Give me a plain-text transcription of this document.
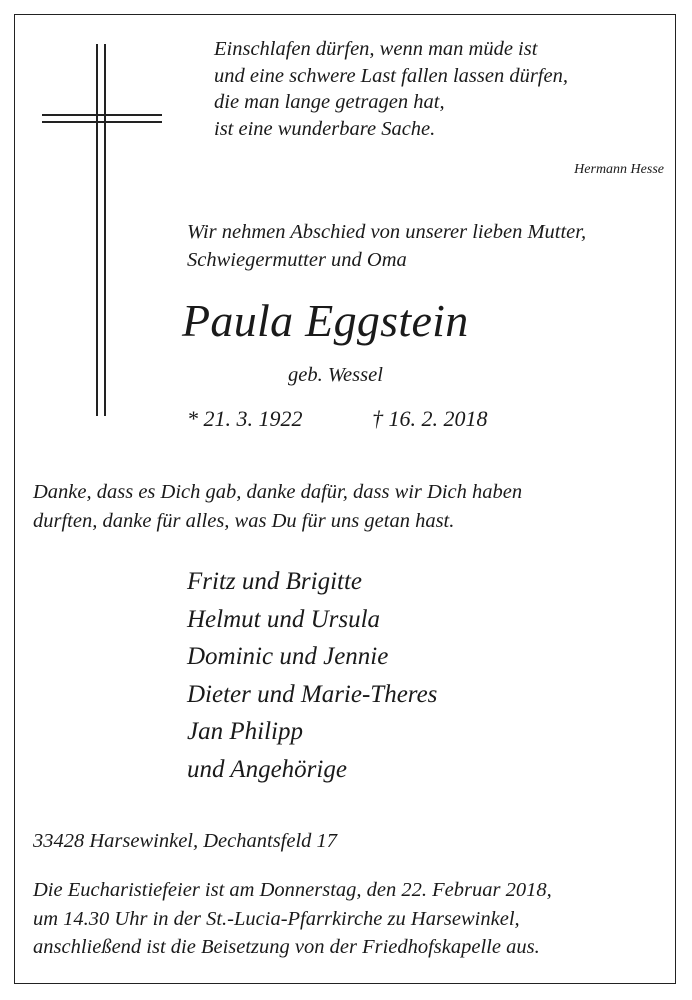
Einschlafen dürfen, wenn man müde ist
und eine schwere Last fallen lassen dürfen,
die man lange getragen hat,
ist eine wunderbare Sache.
Hermann Hesse
Wir nehmen Abschied von unserer lieben Mutter,
Schwiegermutter und Oma
Paula Eggstein
geb. Wessel
* 21. 3. 1922	† 16. 2. 2018
Danke, dass es Dich gab, danke dafür, dass wir Dich haben
durften, danke für alles, was Du für uns getan hast.
Fritz und Brigitte
Helmut und Ursula
Dominic und Jennie
Dieter und Marie-Theres
Jan Philipp
und Angehörige
33428 Harsewinkel, Dechantsfeld 17
Die Eucharistiefeier ist am Donnerstag, den 22. Februar 2018,
um 14.30 Uhr in der St.-Lucia-Pfarrkirche zu Harsewinkel,
anschließend ist die Beisetzung von der Friedhofskapelle aus.
